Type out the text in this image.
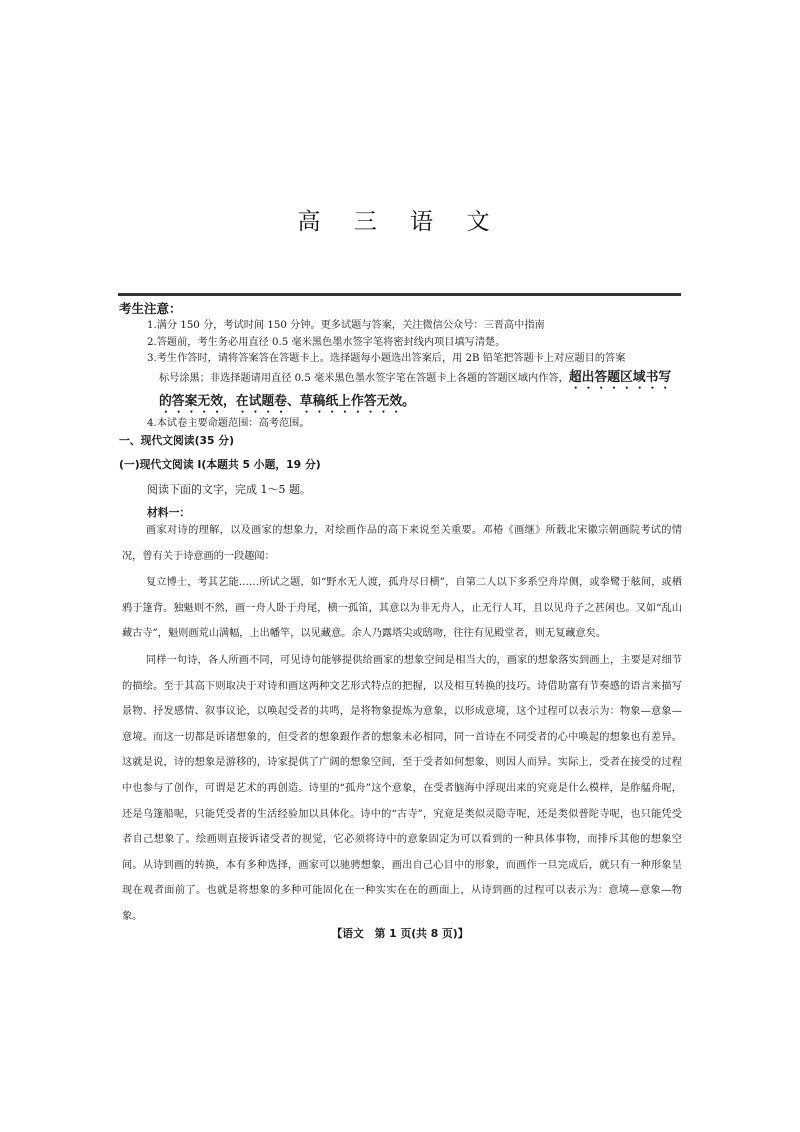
高 三 语 文
考生注意：
1.满分 150 分，考试时间 150 分钟。更多试题与答案，关注微信公众号：三晋高中指南
2.答题前，考生务必用直径 0.5 毫米黑色墨水签字笔将密封线内项目填写清楚。
3.考生作答时，请将答案答在答题卡上。选择题每小题选出答案后，用 2B 铅笔把答题卡上对应题目的答案
标号涂黑；非选择题请用直径 0.5 毫米黑色墨水签字笔在答题卡上各题的答题区域内作答，超出答题区域书写的答案无效，在试题卷、草稿纸上作答无效。
4.本试卷主要命题范围：高考范围。
一、现代文阅读(35 分)
(一)现代文阅读 Ⅰ(本题共 5 小题，19 分)
阅读下面的文字，完成 1～5 题。
材料一：
画家对诗的理解，以及画家的想象力，对绘画作品的高下来说至关重要。邓椿《画继》所载北宋徽宗朝画院考试的情况，曾有关于诗意画的一段趣闻：
复立博士，考其艺能……所试之题，如“野水无人渡，孤舟尽日横”，自第二人以下多系空舟岸侧，或拳鹭于舷间，或栖鸦于篷背。独魁则不然，画一舟人卧于舟尾，横一孤笛，其意以为非无舟人，止无行人耳，且以见舟子之甚闲也。又如“乱山藏古寺”，魁则画荒山满幅，上出幡竿，以见藏意。余人乃露塔尖或鸱吻，往往有见殿堂者，则无复藏意矣。
同样一句诗，各人所画不同，可见诗句能够提供给画家的想象空间是相当大的，画家的想象落实到画上，主要是对细节的描绘。至于其高下则取决于对诗和画这两种文艺形式特点的把握，以及相互转换的技巧。诗借助富有节奏感的语言来描写景物、抒发感情、叙事议论，以唤起受者的共鸣，是将物象提炼为意象，以形成意境，这个过程可以表示为：物象—意象—意境。而这一切都是诉诸想象的，但受者的想象跟作者的想象未必相同，同一首诗在不同受者的心中唤起的想象也有差异。这就是说，诗的想象是游移的，诗家提供了广阔的想象空间，至于受者如何想象，则因人而异。实际上，受者在接受的过程中也参与了创作，可谓是艺术的再创造。诗里的“孤舟”这个意象，在受者脑海中浮现出来的究竟是什么模样，是舴艋舟呢，还是乌篷船呢，只能凭受者的生活经验加以具体化。诗中的“古寺”，究竟是类似灵隐寺呢，还是类似普陀寺呢，也只能凭受者自己想象了。绘画则直接诉诸受者的视觉，它必须将诗中的意象固定为可以看到的一种具体事物，而排斥其他的想象空间。从诗到画的转换，本有多种选择，画家可以驰骋想象，画出自己心目中的形象，而画作一旦完成后，就只有一种形象呈现在观者面前了。也就是将想象的多种可能固化在一种实实在在的画面上，从诗到画的过程可以表示为：意境—意象—物象。
【语文　第 1 页(共 8 页)】
